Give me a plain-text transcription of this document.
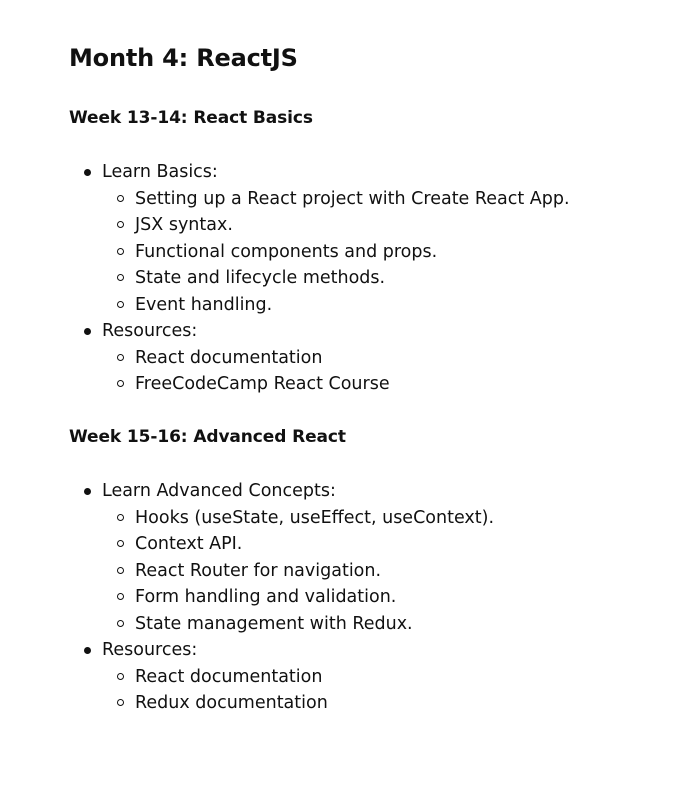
Month 4: ReactJS
Week 13-14: React Basics
Learn Basics:
Setting up a React project with Create React App.
JSX syntax.
Functional components and props.
State and lifecycle methods.
Event handling.
Resources:
React documentation
FreeCodeCamp React Course
Week 15-16: Advanced React
Learn Advanced Concepts:
Hooks (useState, useEffect, useContext).
Context API.
React Router for navigation.
Form handling and validation.
State management with Redux.
Resources:
React documentation
Redux documentation
